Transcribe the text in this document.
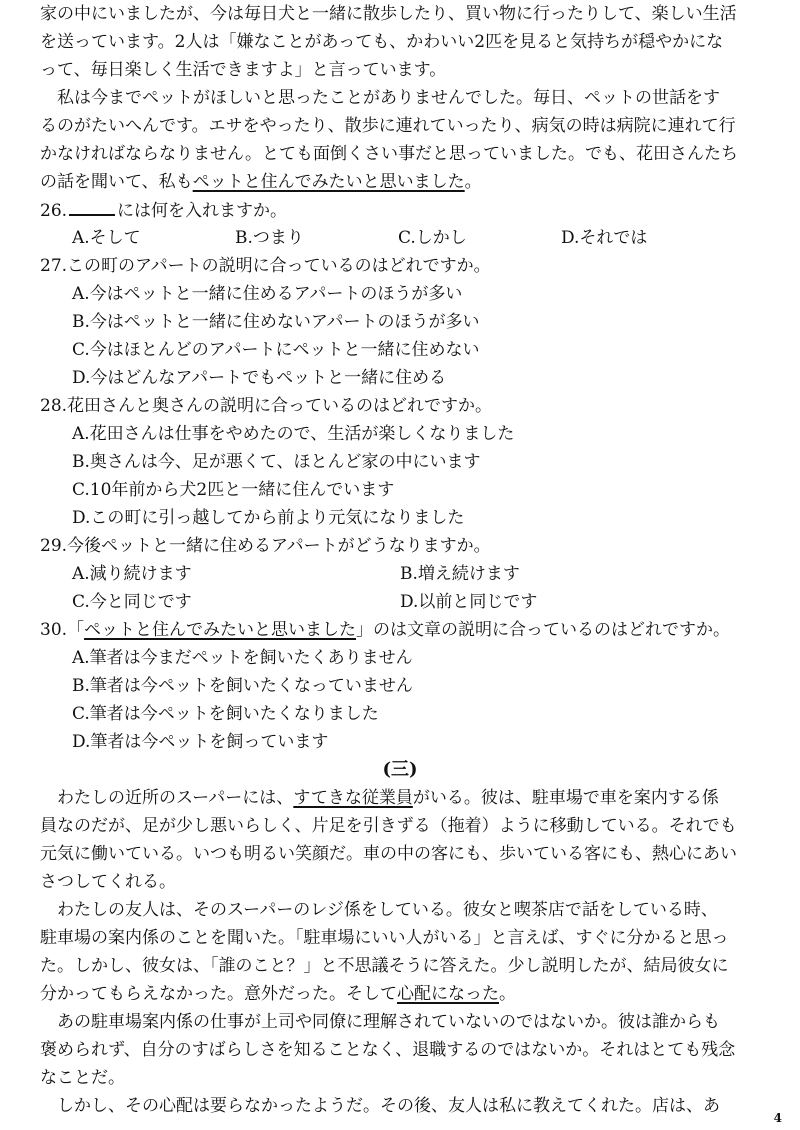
家の中にいましたが、今は毎日犬と一緒に散歩したり、買い物に行ったりして、楽しい生活
を送っています。2人は「嫌なことがあっても、かわいい2匹を見ると気持ちが穏やかにな
って、毎日楽しく生活できますよ」と言っています。
　私は今までペットがほしいと思ったことがありませんでした。毎日、ペットの世話をす
るのがたいへんです。エサをやったり、散歩に連れていったり、病気の時は病院に連れて行
かなければならなりません。とても面倒くさい事だと思っていました。でも、花田さんたち
の話を聞いて、私もペットと住んでみたいと思いました。
26.	には何を入れますか。
A.そして	B.つまり	C.しかし	D.それでは
27.この町のアパートの説明に合っているのはどれですか。
A.今はペットと一緒に住めるアパートのほうが多い
B.今はペットと一緒に住めないアパートのほうが多い
C.今はほとんどのアパートにペットと一緒に住めない
D.今はどんなアパートでもペットと一緒に住める
28.花田さんと奥さんの説明に合っているのはどれですか。
A.花田さんは仕事をやめたので、生活が楽しくなりました
B.奥さんは今、足が悪くて、ほとんど家の中にいます
C.10年前から犬2匹と一緒に住んでいます
D.この町に引っ越してから前より元気になりました
29.今後ペットと一緒に住めるアパートがどうなりますか。
A.減り続けます	B.増え続けます
C.今と同じです	D.以前と同じです
30.「ペットと住んでみたいと思いました」のは文章の説明に合っているのはどれですか。
A.筆者は今まだペットを飼いたくありません
B.筆者は今ペットを飼いたくなっていません
C.筆者は今ペットを飼いたくなりました
D.筆者は今ペットを飼っています
(三)
　わたしの近所のスーパーには、すてきな従業員がいる。彼は、駐車場で車を案内する係
員なのだが、足が少し悪いらしく、片足を引きずる（拖着）ように移動している。それでも
元気に働いている。いつも明るい笑顔だ。車の中の客にも、歩いている客にも、熱心にあい
さつしてくれる。
　わたしの友人は、そのスーパーのレジ係をしている。彼女と喫茶店で話をしている時、
駐車場の案内係のことを聞いた。「駐車場にいい人がいる」と言えば、すぐに分かると思っ
た。しかし、彼女は、「誰のこと？」と不思議そうに答えた。少し説明したが、結局彼女に
分かってもらえなかった。意外だった。そして心配になった。
　あの駐車場案内係の仕事が上司や同僚に理解されていないのではないか。彼は誰からも
褒められず、自分のすばらしさを知ることなく、退職するのではないか。それはとても残念
なことだ。
　しかし、その心配は要らなかったようだ。その後、友人は私に教えてくれた。店は、あ
4
